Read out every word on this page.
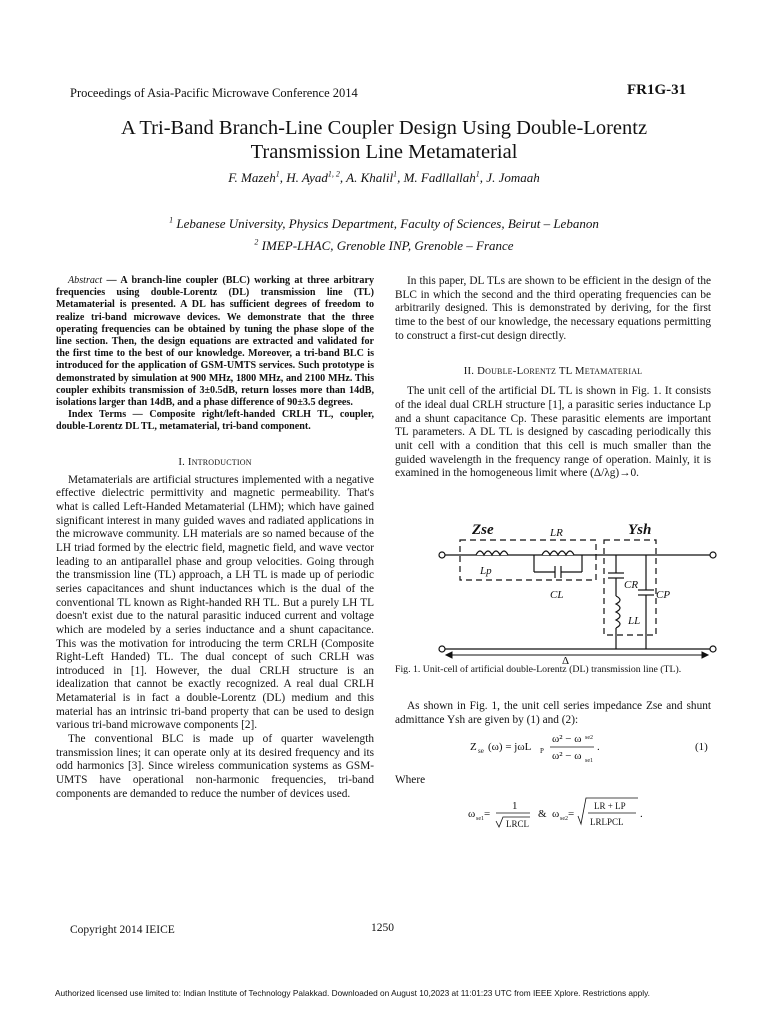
Proceedings of Asia-Pacific Microwave Conference 2014	FR1G-31
A Tri-Band Branch-Line Coupler Design Using Double-Lorentz
Transmission Line Metamaterial
F. Mazeh$^1$, H. Ayad$^{1, 2}$, A. Khalil$^1$, M. Fadllallah$^1$, J. Jomaah
$^1$ Lebanese University, Physics Department, Faculty of Sciences, Beirut – Lebanon
$^2$ IMEP-LHAC, Grenoble INP, Grenoble – France

Abstract — A branch-line coupler (BLC) working at three arbitrary frequencies using double-Lorentz (DL) transmission line (TL) Metamaterial is presented. A DL has sufficient degrees of freedom to realize tri-band microwave devices. We demonstrate that the three operating frequencies can be obtained by tuning the phase slope of the line section. Then, the design equations are extracted and validated for the first time to the best of our knowledge. Moreover, a tri-band BLC is introduced for the application of GSM-UMTS services. Such prototype is demonstrated by simulation at 900 MHz, 1800 MHz, and 2100 MHz. This coupler exhibits transmission of 3±0.5dB, return losses more than 14dB, isolations larger than 14dB, and a phase difference of 90±3.5 degrees.

Index Terms — Composite right/left-handed CRLH TL, coupler, double-Lorentz DL TL, metamaterial, tri-band component.

I. Introduction

Metamaterials are artificial structures implemented with a negative effective dielectric permittivity and magnetic permeability. That's what is called Left-Handed Metamaterial (LHM); which have gained significant interest in many guided waves and radiated applications in the microwave community. LH materials are so named because of the LH triad formed by the electric field, magnetic field, and wave vector leading to an antiparallel phase and group velocities. Going through the transmission line (TL) approach, a LH TL is made up of periodic series capacitances and shunt inductances which is the dual of the conventional TL known as Right-handed RH TL. But a purely LH TL doesn't exist due to the natural parasitic induced current and voltage which are modeled by a series inductance and a shunt capacitance. This was the motivation for introducing the term CRLH (Composite Right-Left Handed) TL. The dual concept of such CRLH was introduced in [1]. However, the dual CRLH structure is an idealization that cannot be exactly recognized. A real dual CRLH Metamaterial is in fact a double-Lorentz (DL) medium and this material has an intrinsic tri-band property that can be used to design various tri-band microwave components [2].

The conventional BLC is made up of quarter wavelength transmission lines; it can operate only at its desired frequency and its odd harmonics [3]. Since wireless communication systems as GSM-UMTS have operational non-harmonic frequencies, tri-band components are demanded to reduce the number of devices used.

In this paper, DL TLs are shown to be efficient in the design of the BLC in which the second and the third operating frequencies can be arbitrarily designed. This is demonstrated by deriving, for the first time to the best of our knowledge, the necessary equations permitting to construct a first-cut design directly.

II. Double-Lorentz TL Metamaterial

The unit cell of the artificial DL TL is shown in Fig. 1. It consists of the ideal dual CRLH structure [1], a parasitic series inductance Lp and a shunt capacitance Cp. These parasitic elements are important TL parameters. A DL TL is designed by cascading periodically this unit cell with a condition that this cell is much smaller than the guided wavelength in the frequency range of operation. Mainly, it is examined in the homogeneous limit where (Δ/λg)→0.

Zse	LR	Ysh
Lp
CL
CR
CP
LL
Δ
Fig. 1. Unit-cell of artificial double-Lorentz (DL) transmission line (TL).

As shown in Fig. 1, the unit cell series impedance Zse and shunt admittance Ysh are given by (1) and (2):

Z se (ω) = jωL P
ω² − ω se2
ω² − ω se1
.	(1)
Where
ω se1 =
1
LRCL
& ω se2 =
LR + LP
LRLPCL
.
Copyright 2014 IEICE	1250
Authorized licensed use limited to: Indian Institute of Technology Palakkad. Downloaded on August 10,2023 at 11:01:23 UTC from IEEE Xplore. Restrictions apply.
